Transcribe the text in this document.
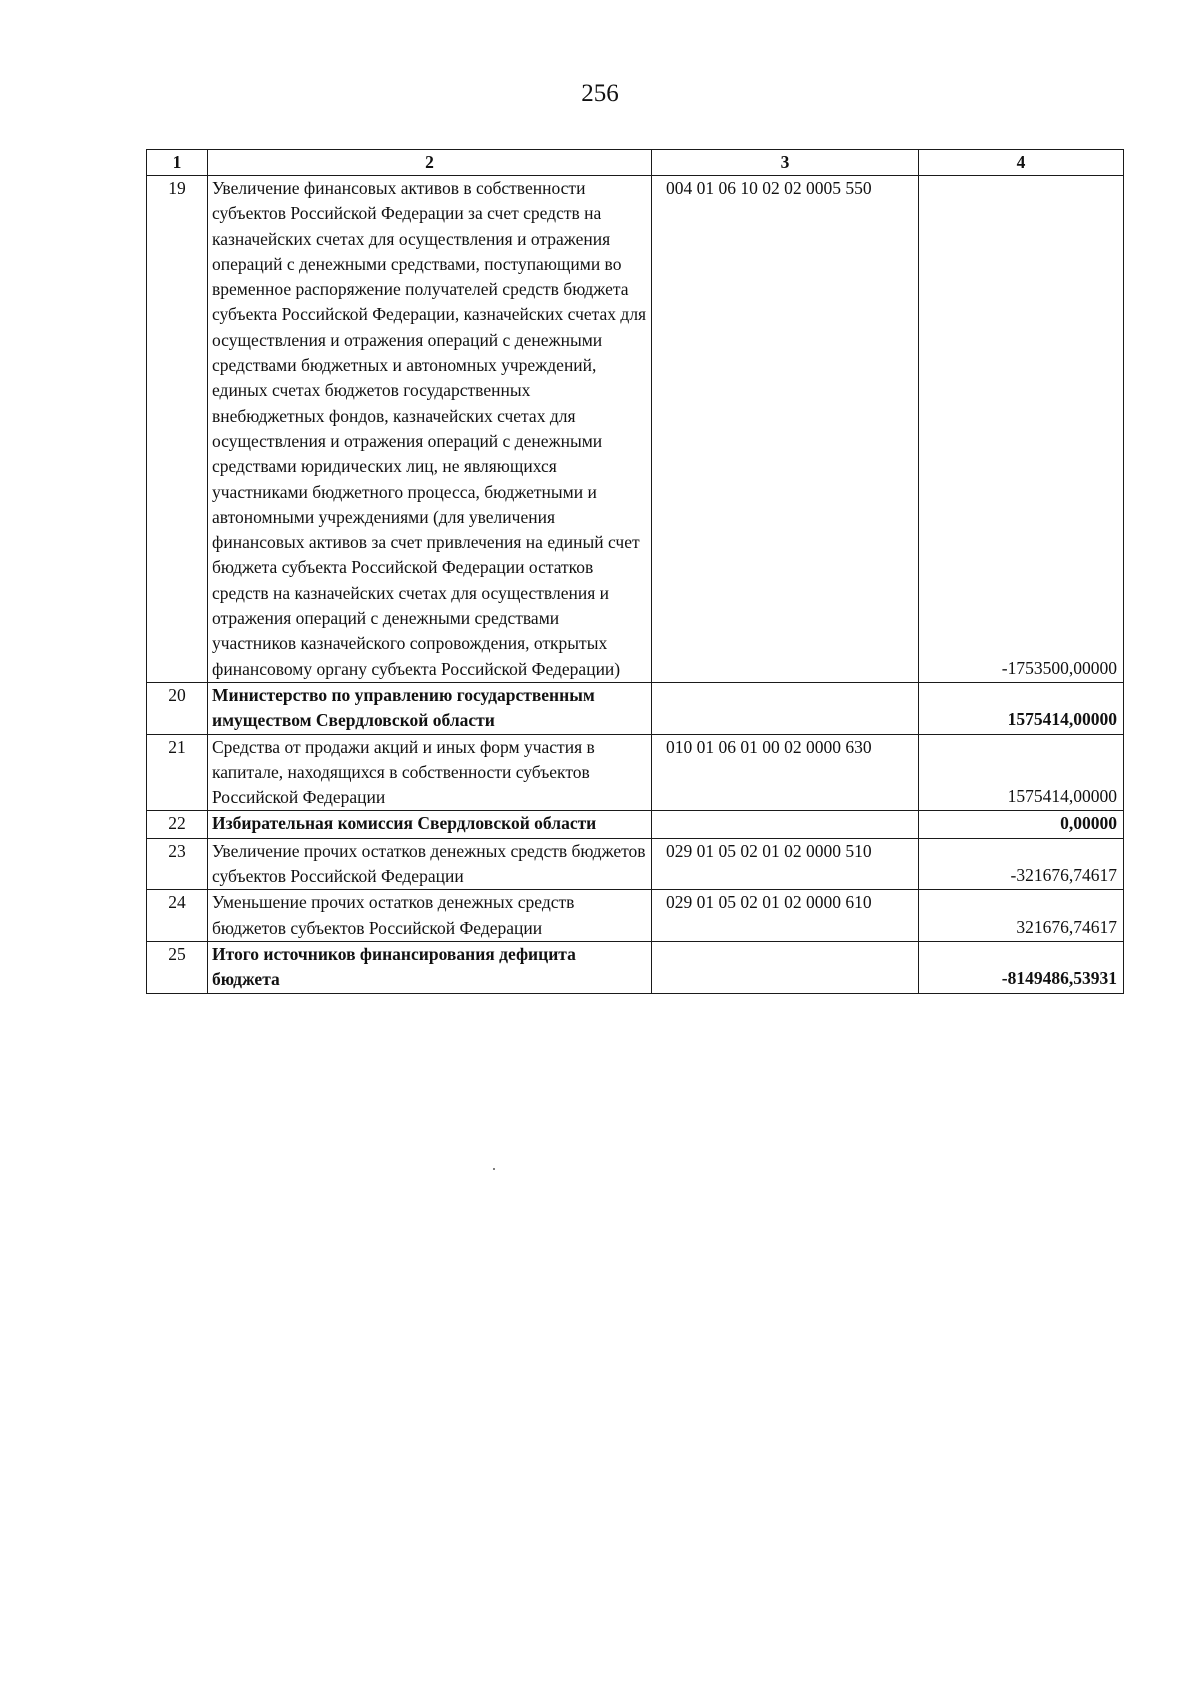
256
1	2	3	4
19	Увеличение финансовых активов в собственности субъектов Российской Федерации за счет средств на казначейских счетах для осуществления и отражения операций с денежными средствами, поступающими во временное распоряжение получателей средств бюджета субъекта Российской Федерации, казначейских счетах для осуществления и отражения операций с денежными средствами бюджетных и автономных учреждений, единых счетах бюджетов государственных внебюджетных фондов, казначейских счетах для осуществления и отражения операций с денежными средствами юридических лиц, не являющихся участниками бюджетного процесса, бюджетными и автономными учреждениями (для увеличения финансовых активов за счет привлечения на единый счет бюджета субъекта Российской Федерации остатков средств на казначейских счетах для осуществления и отражения операций с денежными средствами участников казначейского сопровождения, открытых финансовому органу субъекта Российской Федерации)	004 01 06 10 02 02 0005 550	-1753500,00000
20	Министерство по управлению государственным имуществом Свердловской области		1575414,00000
21	Средства от продажи акций и иных форм участия в капитале, находящихся в собственности субъектов Российской Федерации	010 01 06 01 00 02 0000 630	1575414,00000
22	Избирательная комиссия Свердловской области		0,00000
23	Увеличение прочих остатков денежных средств бюджетов субъектов Российской Федерации	029 01 05 02 01 02 0000 510	-321676,74617
24	Уменьшение прочих остатков денежных средств бюджетов субъектов Российской Федерации	029 01 05 02 01 02 0000 610	321676,74617
25	Итого источников финансирования дефицита бюджета		-8149486,53931
